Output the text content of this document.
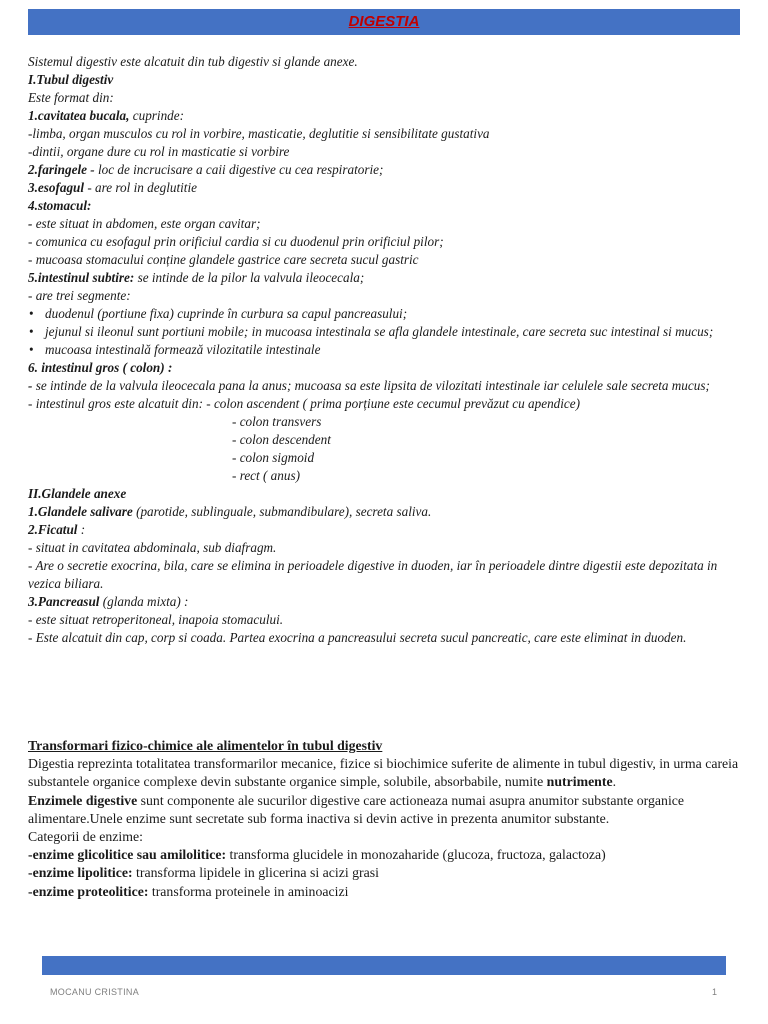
DIGESTIA

Sistemul digestiv este alcatuit din tub digestiv si glande anexe.

I.Tubul digestiv

Este format din:

1.cavitatea bucala, cuprinde:

-limba, organ musculos cu rol in vorbire, masticatie, deglutitie si sensibilitate gustativa

-dintii, organe dure cu rol in masticatie si vorbire

2.faringele - loc de incrucisare a caii digestive cu cea respiratorie;

3.esofagul - are rol in deglutitie

4.stomacul:

- este situat in abdomen, este organ cavitar;

- comunica cu esofagul prin orificiul cardia si cu duodenul prin orificiul pilor;

- mucoasa stomacului conține glandele gastrice care secreta sucul gastric

5.intestinul subtire: se intinde de la pilor la valvula ileocecala;

- are trei segmente:

• duodenul (portiune fixa) cuprinde în curbura sa capul pancreasului;

• jejunul si ileonul sunt portiuni mobile; in mucoasa intestinala se afla glandele intestinale, care secreta suc intestinal si mucus;

• mucoasa intestinală formează vilozitatile intestinale

6. intestinul gros ( colon) :

- se intinde de la valvula ileocecala pana la anus; mucoasa sa este lipsita de vilozitati intestinale iar celulele sale secreta mucus;

- intestinul gros este alcatuit din: - colon ascendent ( prima porțiune este cecumul prevăzut cu apendice)

- colon transvers

- colon descendent

- colon sigmoid

- rect ( anus)

II.Glandele anexe

1.Glandele salivare (parotide, sublinguale, submandibulare), secreta saliva.

2.Ficatul :

- situat in cavitatea abdominala, sub diafragm.

- Are o secretie exocrina, bila, care se elimina in perioadele digestive in duoden, iar în perioadele dintre digestii este depozitata in vezica biliara.

3.Pancreasul (glanda mixta) :

- este situat retroperitoneal, inapoia stomacului.

- Este alcatuit din cap, corp si coada. Partea exocrina a pancreasului secreta sucul pancreatic, care este eliminat in duoden.

Transformari fizico-chimice ale alimentelor în tubul digestiv

Digestia reprezinta totalitatea transformarilor mecanice, fizice si biochimice suferite de alimente in tubul digestiv, in urma careia substantele organice complexe devin substante organice simple, solubile, absorbabile, numite nutrimente.

Enzimele digestive sunt componente ale sucurilor digestive care actioneaza numai asupra anumitor substante organice alimentare.Unele enzime sunt secretate sub forma inactiva si devin active in prezenta anumitor substante.

Categorii de enzime:

-enzime glicolitice sau amilolitice: transforma glucidele in monozaharide (glucoza, fructoza, galactoza)

-enzime lipolitice: transforma lipidele in glicerina si acizi grasi

-enzime proteolitice: transforma proteinele in aminoacizi

MOCANU CRISTINA	1
